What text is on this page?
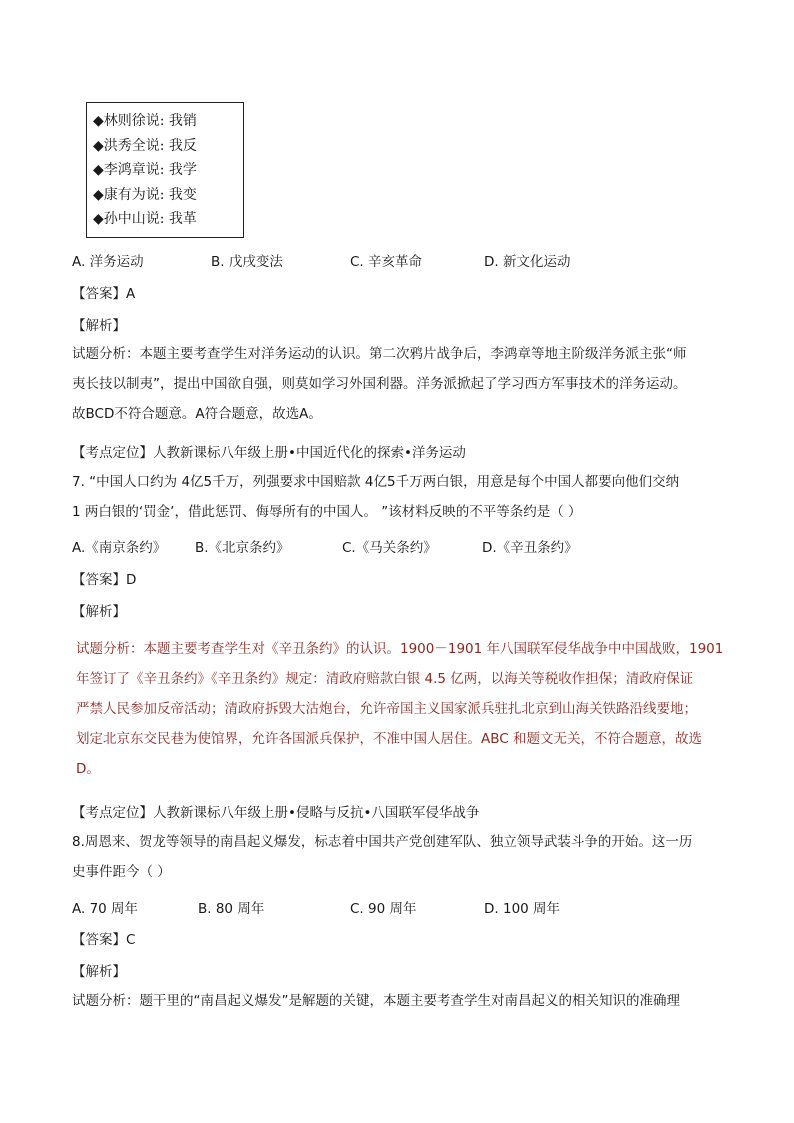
◆林则徐说: 我销
◆洪秀全说: 我反
◆李鸿章说: 我学
◆康有为说: 我变
◆孙中山说: 我革
A. 洋务运动	B. 戊戌变法	C. 辛亥革命	D. 新文化运动
【答案】A
【解析】
试题分析：本题主要考查学生对洋务运动的认识。第二次鸦片战争后，李鸿章等地主阶级洋务派主张“师
夷长技以制夷”，提出中国欲自强，则莫如学习外国利器。洋务派掀起了学习西方军事技术的洋务运动。
故BCD不符合题意。A符合题意，故选A。
【考点定位】人教新课标八年级上册•中国近代化的探索•洋务运动
7. “中国人口约为 4亿5千万，列强要求中国赔款 4亿5千万两白银，用意是每个中国人都要向他们交纳
1 两白银的‘罚金’，借此惩罚、侮辱所有的中国人。 ”该材料反映的不平等条约是（ ）
A.《南京条约》 B.《北京条约》	C.《马关条约》	D.《辛丑条约》
【答案】D
【解析】
试题分析：本题主要考查学生对《辛丑条约》的认识。1900－1901 年八国联军侵华战争中中国战败，1901
年签订了《辛丑条约》《辛丑条约》规定：清政府赔款白银 4.5 亿两，以海关等税收作担保；清政府保证
严禁人民参加反帝活动；清政府拆毁大沽炮台，允许帝国主义国家派兵驻扎北京到山海关铁路沿线要地；
划定北京东交民巷为使馆界，允许各国派兵保护，不准中国人居住。ABC 和题文无关，不符合题意，故选
D。
【考点定位】人教新课标八年级上册•侵略与反抗•八国联军侵华战争
8.周恩来、贺龙等领导的南昌起义爆发，标志着中国共产党创建军队、独立领导武装斗争的开始。这一历
史事件距今（ ）
A. 70 周年	B. 80 周年	C. 90 周年	D. 100 周年
【答案】C
【解析】
试题分析：题干里的“南昌起义爆发”是解题的关键，本题主要考查学生对南昌起义的相关知识的准确理
